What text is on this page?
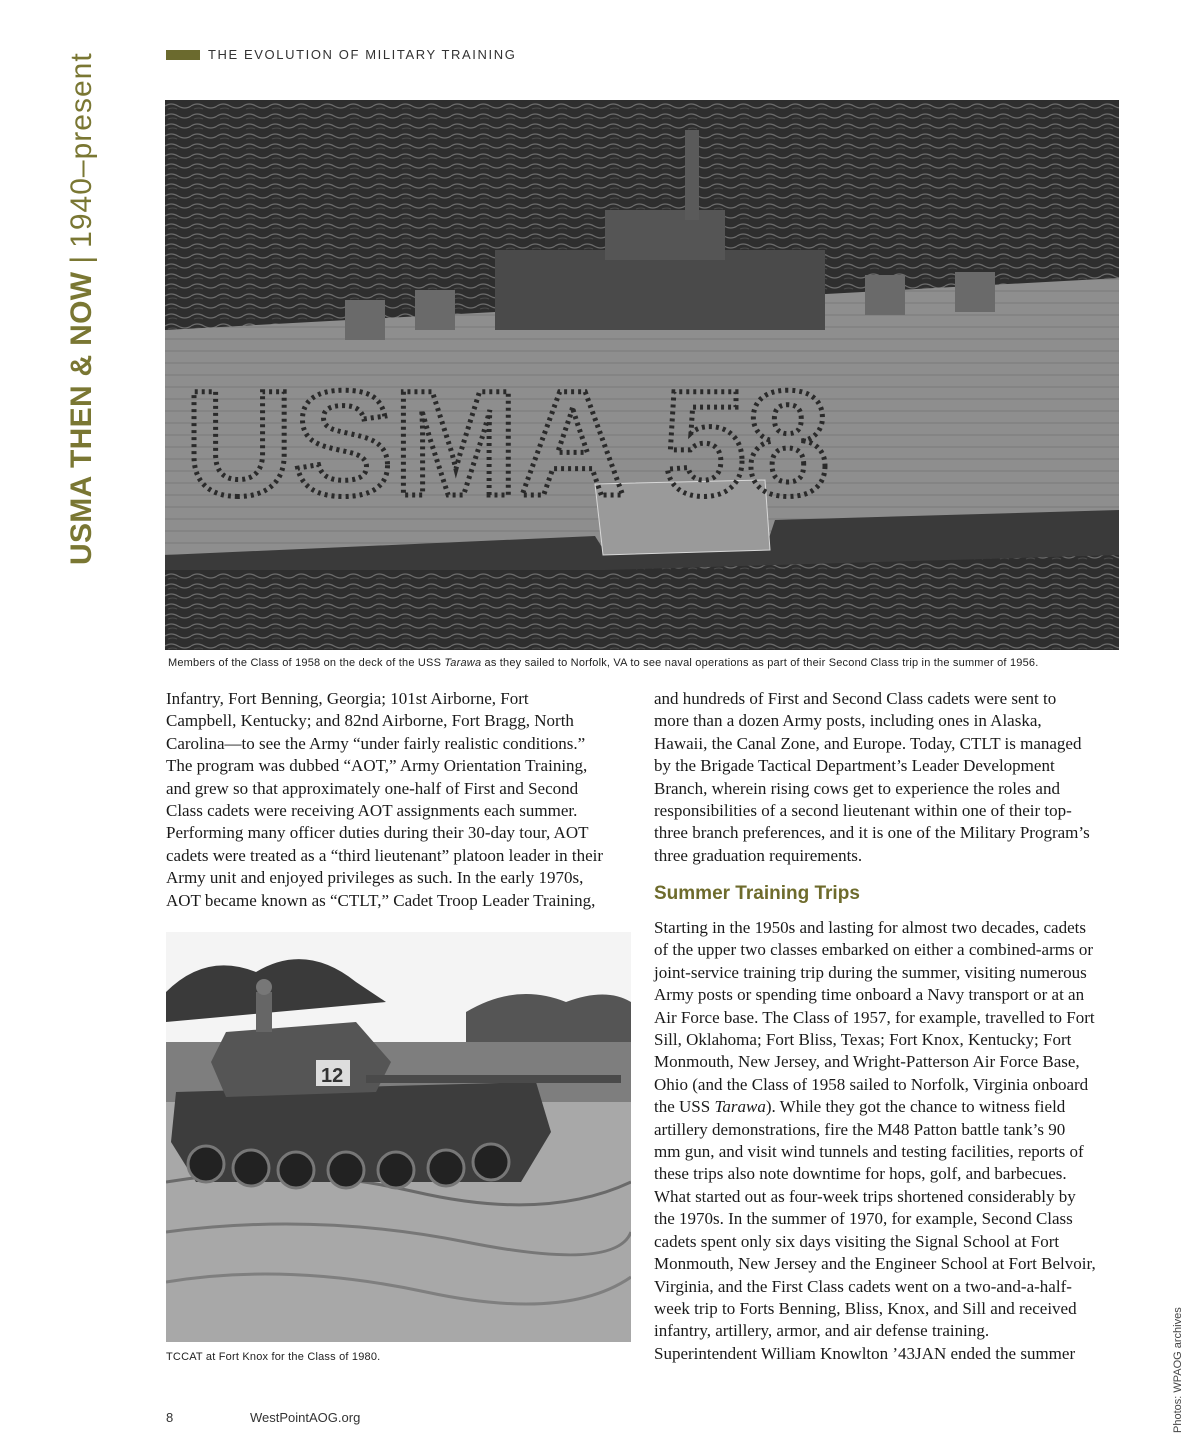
THE EVOLUTION OF MILITARY TRAINING
USMA THEN & NOW|1940–present
USMA 58
Members of the Class of 1958 on the deck of the USS Tarawa as they sailed to Norfolk, VA to see naval operations as part of their Second Class trip in the summer of 1956.
Infantry, Fort Benning, Georgia; 101st Airborne, Fort
Campbell, Kentucky; and 82nd Airborne, Fort Bragg, North
Carolina—to see the Army “under fairly realistic conditions.”
The program was dubbed “AOT,” Army Orientation Training,
and grew so that approximately one-half of First and Second
Class cadets were receiving AOT assignments each summer.
Performing many officer duties during their 30-day tour, AOT
cadets were treated as a “third lieutenant” platoon leader in their
Army unit and enjoyed privileges as such. In the early 1970s,
AOT became known as “CTLT,” Cadet Troop Leader Training,
12
TCCAT at Fort Knox for the Class of 1980.
and hundreds of First and Second Class cadets were sent to
more than a dozen Army posts, including ones in Alaska,
Hawaii, the Canal Zone, and Europe. Today, CTLT is managed
by the Brigade Tactical Department’s Leader Development
Branch, wherein rising cows get to experience the roles and
responsibilities of a second lieutenant within one of their top-
three branch preferences, and it is one of the Military Program’s
three graduation requirements.
Summer Training Trips
Starting in the 1950s and lasting for almost two decades, cadets
of the upper two classes embarked on either a combined-arms or
joint-service training trip during the summer, visiting numerous
Army posts or spending time onboard a Navy transport or at an
Air Force base. The Class of 1957, for example, travelled to Fort
Sill, Oklahoma; Fort Bliss, Texas; Fort Knox, Kentucky; Fort
Monmouth, New Jersey, and Wright-Patterson Air Force Base,
Ohio (and the Class of 1958 sailed to Norfolk, Virginia onboard
the USS Tarawa). While they got the chance to witness field
artillery demonstrations, fire the M48 Patton battle tank’s 90
mm gun, and visit wind tunnels and testing facilities, reports of
these trips also note downtime for hops, golf, and barbecues.
What started out as four-week trips shortened considerably by
the 1970s. In the summer of 1970, for example, Second Class
cadets spent only six days visiting the Signal School at Fort
Monmouth, New Jersey and the Engineer School at Fort Belvoir,
Virginia, and the First Class cadets went on a two-and-a-half-
week trip to Forts Benning, Bliss, Knox, and Sill and received
infantry, artillery, armor, and air defense training.
Superintendent William Knowlton ’43JAN ended the summer	Photos: WPAOG archives
8	WestPointAOG.org
